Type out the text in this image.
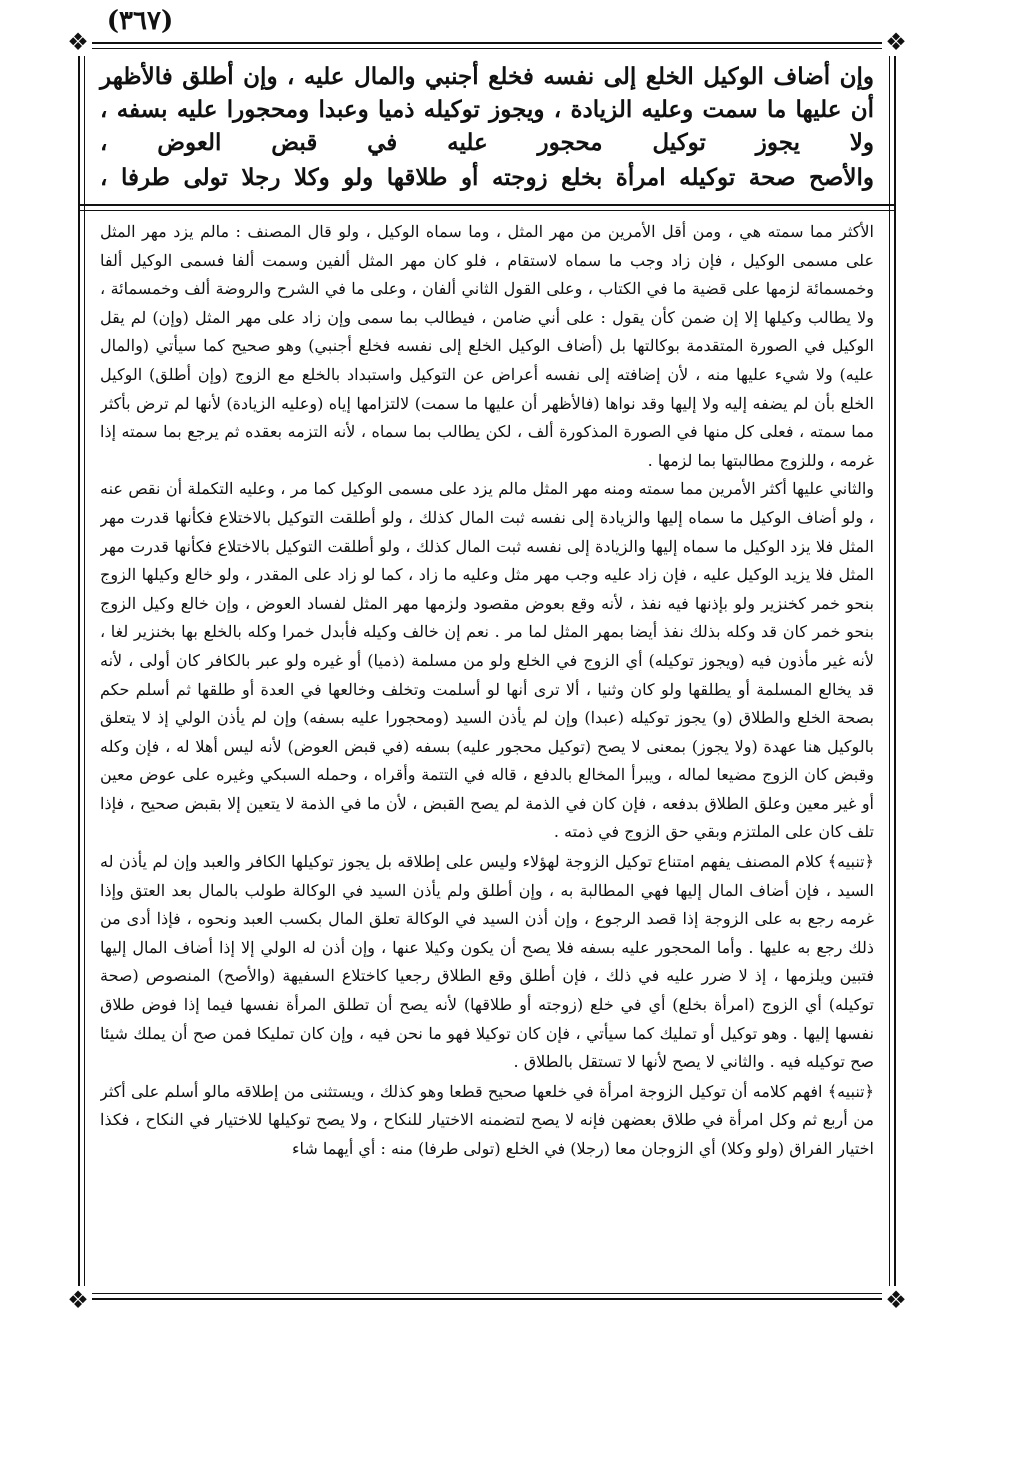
(٣٦٧)
❖	❖
❖	❖

وإن أضاف الوكيل الخلع إلى نفسه فخلع أجنبي والمال عليه ، وإن أطلق فالأظهر أن عليها ما سمت وعليه الزيادة ، ويجوز توكيله ذميا وعبدا ومحجورا عليه بسفه ، ولا يجوز توكيل محجور عليه في قبض العوض ،

والأصح صحة توكيله امرأة بخلع زوجته أو طلاقها ولو وكلا رجلا تولى طرفا ،

الأكثر مما سمته هي ، ومن أقل الأمرين من مهر المثل ، وما سماه الوكيل ، ولو قال المصنف : مالم يزد مهر المثل على مسمى الوكيل ، فإن زاد وجب ما سماه لاستقام ، فلو كان مهر المثل ألفين وسمت ألفا فسمى الوكيل ألفا وخمسمائة لزمها على قضية ما في الكتاب ، وعلى القول الثاني ألفان ، وعلى ما في الشرح والروضة ألف وخمسمائة ، ولا يطالب وكيلها إلا إن ضمن كأن يقول : على أني ضامن ، فيطالب بما سمى وإن زاد على مهر المثل (وإن) لم يقل الوكيل في الصورة المتقدمة بوكالتها بل (أضاف الوكيل الخلع إلى نفسه فخلع أجنبي) وهو صحيح كما سيأتي (والمال عليه) ولا شيء عليها منه ، لأن إضافته إلى نفسه أعراض عن التوكيل واستبداد بالخلع مع الزوج (وإن أطلق) الوكيل الخلع بأن لم يضفه إليه ولا إليها وقد نواها (فالأظهر أن عليها ما سمت) لالتزامها إياه (وعليه الزيادة) لأنها لم ترض بأكثر مما سمته ، فعلى كل منها في الصورة المذكورة ألف ، لكن يطالب بما سماه ، لأنه التزمه بعقده ثم يرجع بما سمته إذا غرمه ، وللزوج مطالبتها بما لزمها .

والثاني عليها أكثر الأمرين مما سمته ومنه مهر المثل مالم يزد على مسمى الوكيل كما مر ، وعليه التكملة أن نقص عنه ، ولو أضاف الوكيل ما سماه إليها والزيادة إلى نفسه ثبت المال كذلك ، ولو أطلقت التوكيل بالاختلاع فكأنها قدرت مهر المثل فلا يزد الوكيل ما سماه إليها والزيادة إلى نفسه ثبت المال كذلك ، ولو أطلقت التوكيل بالاختلاع فكأنها قدرت مهر المثل فلا يزيد الوكيل عليه ، فإن زاد عليه وجب مهر مثل وعليه ما زاد ، كما لو زاد على المقدر ، ولو خالع وكيلها الزوج بنحو خمر كخنزير ولو بإذنها فيه نفذ ، لأنه وقع بعوض مقصود ولزمها مهر المثل لفساد العوض ، وإن خالع وكيل الزوج بنحو خمر كان قد وكله بذلك نفذ أيضا بمهر المثل لما مر . نعم إن خالف وكيله فأبدل خمرا وكله بالخلع بها بخنزير لغا ، لأنه غير مأذون فيه (ويجوز توكيله) أي الزوج في الخلع ولو من مسلمة (ذميا) أو غيره ولو عبر بالكافر كان أولى ، لأنه قد يخالع المسلمة أو يطلقها ولو كان وثنيا ، ألا ترى أنها لو أسلمت وتخلف وخالعها في العدة أو طلقها ثم أسلم حكم بصحة الخلع والطلاق (و) يجوز توكيله (عبدا) وإن لم يأذن السيد (ومحجورا عليه بسفه) وإن لم يأذن الولي إذ لا يتعلق بالوكيل هنا عهدة (ولا يجوز) بمعنى لا يصح (توكيل محجور عليه) بسفه (في قبض العوض) لأنه ليس أهلا له ، فإن وكله وقبض كان الزوج مضيعا لماله ، ويبرأ المخالع بالدفع ، قاله في التتمة وأقراه ، وحمله السبكي وغيره على عوض معين أو غير معين وعلق الطلاق بدفعه ، فإن كان في الذمة لم يصح القبض ، لأن ما في الذمة لا يتعين إلا بقبض صحيح ، فإذا تلف كان على الملتزم وبقي حق الزوج في ذمته .

﴿تنبيه﴾ كلام المصنف يفهم امتناع توكيل الزوجة لهؤلاء وليس على إطلاقه بل يجوز توكيلها الكافر والعبد وإن لم يأذن له السيد ، فإن أضاف المال إليها فهي المطالبة به ، وإن أطلق ولم يأذن السيد في الوكالة طولب بالمال بعد العتق وإذا غرمه رجع به على الزوجة إذا قصد الرجوع ، وإن أذن السيد في الوكالة تعلق المال بكسب العبد ونحوه ، فإذا أدى من ذلك رجع به عليها . وأما المحجور عليه بسفه فلا يصح أن يكون وكيلا عنها ، وإن أذن له الولي إلا إذا أضاف المال إليها فتبين ويلزمها ، إذ لا ضرر عليه في ذلك ، فإن أطلق وقع الطلاق رجعيا كاختلاع السفيهة (والأصح) المنصوص (صحة توكيله) أي الزوج (امرأة بخلع) أي في خلع (زوجته أو طلاقها) لأنه يصح أن تطلق المرأة نفسها فيما إذا فوض طلاق نفسها إليها . وهو توكيل أو تمليك كما سيأتي ، فإن كان توكيلا فهو ما نحن فيه ، وإن كان تمليكا فمن صح أن يملك شيئا صح توكيله فيه . والثاني لا يصح لأنها لا تستقل بالطلاق .

﴿تنبيه﴾ افهم كلامه أن توكيل الزوجة امرأة في خلعها صحيح قطعا وهو كذلك ، ويستثنى من إطلاقه مالو أسلم على أكثر من أربع ثم وكل امرأة في طلاق بعضهن فإنه لا يصح لتضمنه الاختيار للنكاح ، ولا يصح توكيلها للاختيار في النكاح ، فكذا اختيار الفراق (ولو وكلا) أي الزوجان معا (رجلا) في الخلع (تولى طرفا) منه : أي أيهما شاء
